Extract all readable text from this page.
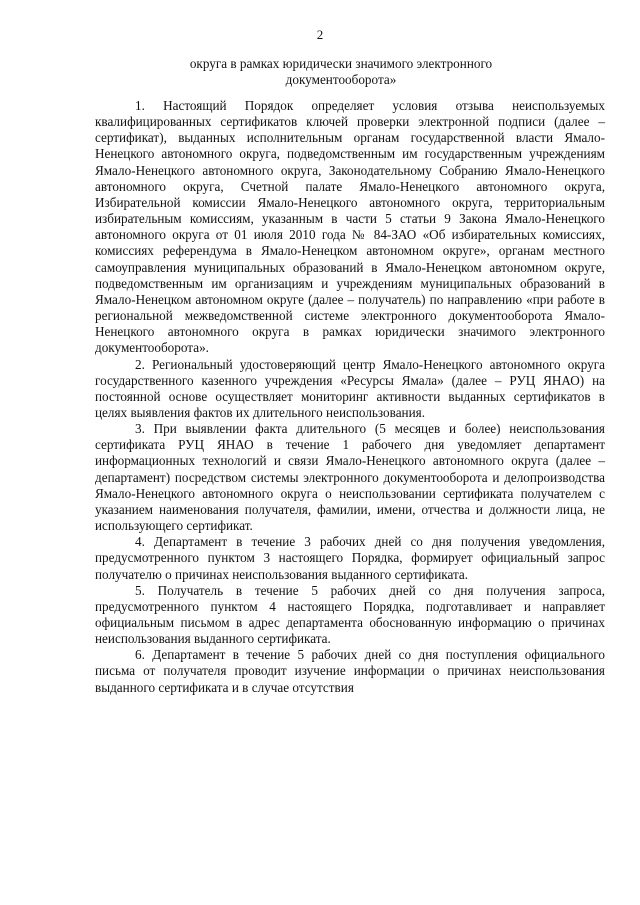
2
округа в рамках юридически значимого электронного документооборота»

1. Настоящий Порядок определяет условия отзыва неиспользуемых квалифицированных сертификатов ключей проверки электронной подписи (далее – сертификат), выданных исполнительным органам государственной власти Ямало-Ненецкого автономного округа, подведомственным им государственным учреждениям Ямало-Ненецкого автономного округа, Законодательному Собранию Ямало-Ненецкого автономного округа, Счетной палате Ямало-Ненецкого автономного округа, Избирательной комиссии Ямало-Ненецкого автономного округа, территориальным избирательным комиссиям, указанным в части 5 статьи 9 Закона Ямало-Ненецкого автономного округа от 01 июля 2010 года № 84-ЗАО «Об избирательных комиссиях, комиссиях референдума в Ямало-Ненецком автономном округе», органам местного самоуправления муниципальных образований в Ямало-Ненецком автономном округе, подведомственным им организациям и учреждениям муниципальных образований в Ямало-Ненецком автономном округе (далее – получатель) по направлению «при работе в региональной межведомственной системе электронного документооборота Ямало-Ненецкого автономного округа в рамках юридически значимого электронного документооборота».

2. Региональный удостоверяющий центр Ямало-Ненецкого автономного округа государственного казенного учреждения «Ресурсы Ямала» (далее – РУЦ ЯНАО) на постоянной основе осуществляет мониторинг активности выданных сертификатов в целях выявления фактов их длительного неиспользования.

3. При выявлении факта длительного (5 месяцев и более) неиспользования сертификата РУЦ ЯНАО в течение 1 рабочего дня уведомляет департамент информационных технологий и связи Ямало-Ненецкого автономного округа (далее – департамент) посредством системы электронного документооборота и делопроизводства Ямало-Ненецкого автономного округа о неиспользовании сертификата получателем с указанием наименования получателя, фамилии, имени, отчества и должности лица, не использующего сертификат.

4. Департамент в течение 3 рабочих дней со дня получения уведомления, предусмотренного пунктом 3 настоящего Порядка, формирует официальный запрос получателю о причинах неиспользования выданного сертификата.

5. Получатель в течение 5 рабочих дней со дня получения запроса, предусмотренного пунктом 4 настоящего Порядка, подготавливает и направляет официальным письмом в адрес департамента обоснованную информацию о причинах неиспользования выданного сертификата.

6. Департамент в течение 5 рабочих дней со дня поступления официального письма от получателя проводит изучение информации о причинах неиспользования выданного сертификата и в случае отсутствия
